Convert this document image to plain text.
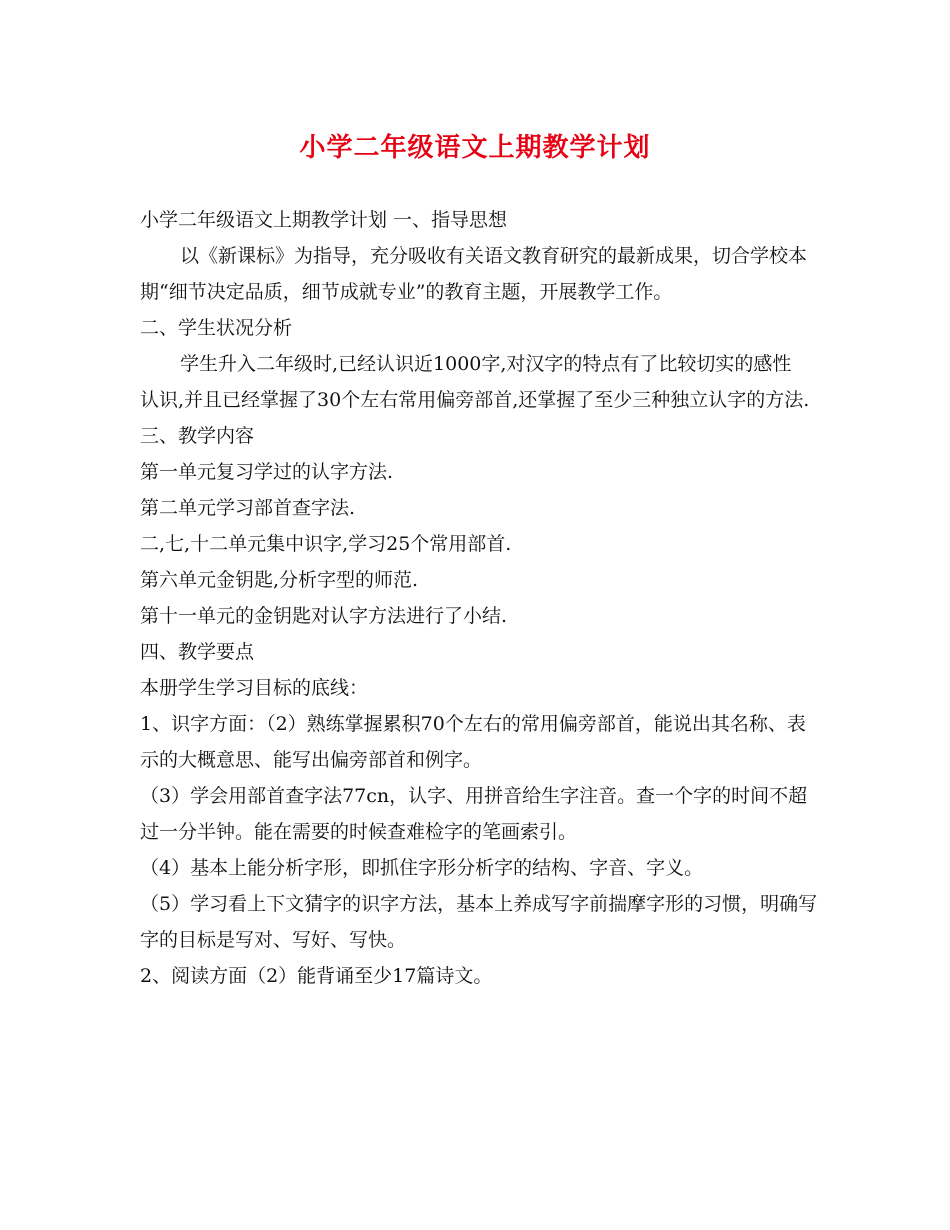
小学二年级语文上期教学计划

小学二年级语文上期教学计划 一、指导思想

以《新课标》为指导，充分吸收有关语文教育研究的最新成果，切合学校本期“细节决定品质，细节成就专业”的教育主题，开展教学工作。

二、学生状况分析

学生升入二年级时,已经认识近1000字,对汉字的特点有了比较切实的感性

认识,并且已经掌握了30个左右常用偏旁部首,还掌握了至少三种独立认字的方法.

三、教学内容

第一单元复习学过的认字方法.

第二单元学习部首查字法.

二,七,十二单元集中识字,学习25个常用部首.

第六单元金钥匙,分析字型的师范.

第十一单元的金钥匙对认字方法进行了小结.

四、教学要点

本册学生学习目标的底线：

1、识字方面：（2）熟练掌握累积70个左右的常用偏旁部首，能说出其名称、表示的大概意思、能写出偏旁部首和例字。

（3）学会用部首查字法77cn，认字、用拼音给生字注音。查一个字的时间不超过一分半钟。能在需要的时候查难检字的笔画索引。

（4）基本上能分析字形，即抓住字形分析字的结构、字音、字义。

（5）学习看上下文猜字的识字方法，基本上养成写字前揣摩字形的习惯，明确写字的目标是写对、写好、写快。

2、阅读方面（2）能背诵至少17篇诗文。
